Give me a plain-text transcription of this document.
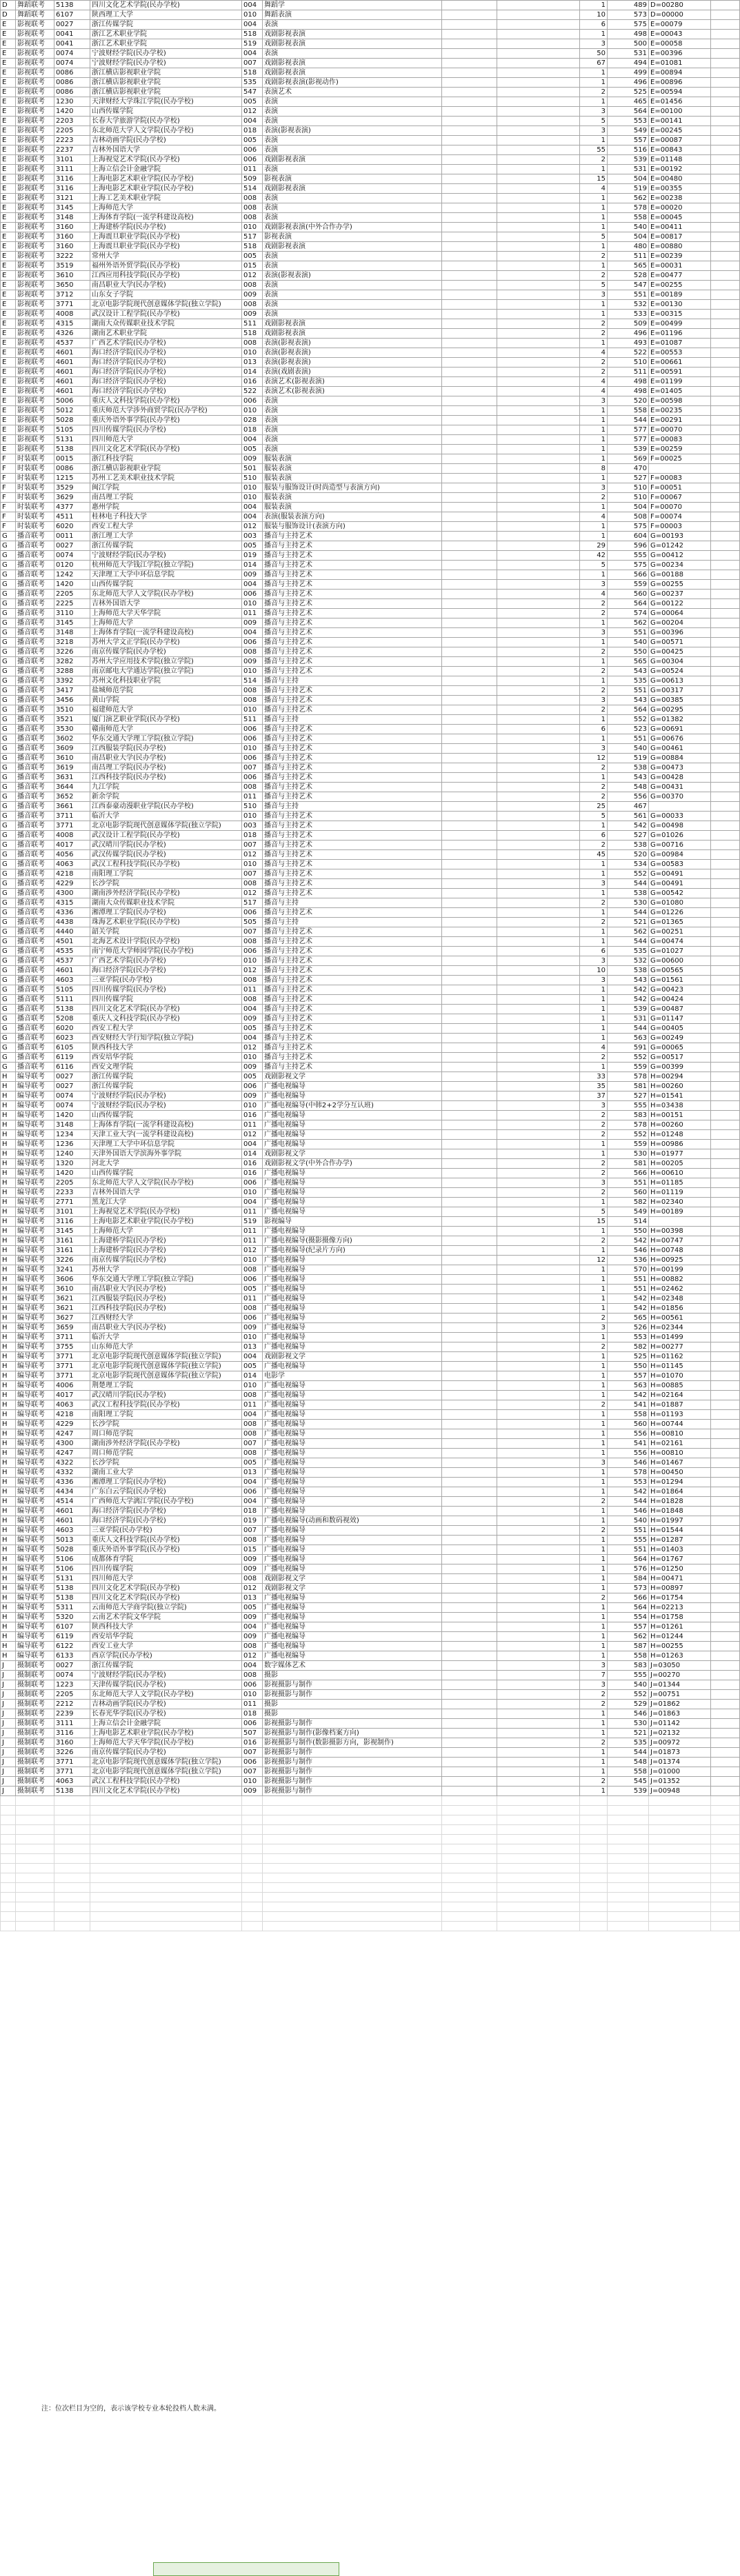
D	舞蹈联考	5138	四川文化艺术学院(民办学校)	004	舞蹈学			1	489	D=00280	
D	舞蹈联考	6107	陕西理工大学	010	舞蹈表演			10	573	D=00000	
E	影视联考	0027	浙江传媒学院	004	表演			6	575	E=00079	
E	影视联考	0041	浙江艺术职业学院	518	戏剧影视表演			1	498	E=00043	
E	影视联考	0041	浙江艺术职业学院	519	戏剧影视表演			3	500	E=00058	
E	影视联考	0074	宁波财经学院(民办学校)	004	表演			50	531	E=00396	
E	影视联考	0074	宁波财经学院(民办学校)	007	戏剧影视表演			67	494	E=01081	
E	影视联考	0086	浙江横店影视职业学院	518	戏剧影视表演			1	499	E=00894	
E	影视联考	0086	浙江横店影视职业学院	535	戏剧影视表演(影视动作)			1	496	E=00896	
E	影视联考	0086	浙江横店影视职业学院	547	表演艺术			2	525	E=00594	
E	影视联考	1230	天津财经大学珠江学院(民办学校)	005	表演			1	465	E=01456	
E	影视联考	1420	山西传媒学院	012	表演			3	564	E=00100	
E	影视联考	2203	长春大学旅游学院(民办学校)	004	表演			5	553	E=00141	
E	影视联考	2205	东北师范大学人文学院(民办学校)	018	表演(影视表演)			3	549	E=00245	
E	影视联考	2223	吉林动画学院(民办学校)	005	表演			1	557	E=00087	
E	影视联考	2237	吉林外国语大学	006	表演			55	516	E=00843	
E	影视联考	3101	上海视觉艺术学院(民办学校)	006	戏剧影视表演			2	539	E=01148	
E	影视联考	3111	上海立信会计金融学院	011	表演			1	531	E=00192	
E	影视联考	3116	上海电影艺术职业学院(民办学校)	509	影视表演			15	504	E=00480	
E	影视联考	3116	上海电影艺术职业学院(民办学校)	514	戏剧影视表演			4	519	E=00355	
E	影视联考	3121	上海工艺美术职业学院	008	表演			1	562	E=00238	
E	影视联考	3145	上海师范大学	008	表演			1	578	E=00020	
E	影视联考	3148	上海体育学院(一流学科建设高校)	008	表演			1	558	E=00045	
E	影视联考	3160	上海建桥学院(民办学校)	010	戏剧影视表演(中外合作办学)			1	540	E=00411	
E	影视联考	3160	上海震旦职业学院(民办学校)	517	影视表演			5	504	E=00817	
E	影视联考	3160	上海震旦职业学院(民办学校)	518	戏剧影视表演			1	480	E=00880	
E	影视联考	3222	常州大学	005	表演			2	511	E=00239	
E	影视联考	3519	福州外语外贸学院(民办学校)	015	表演			1	565	E=00031	
E	影视联考	3610	江西应用科技学院(民办学校)	012	表演(影视表演)			2	528	E=00477	
E	影视联考	3650	南昌职业大学(民办学校)	008	表演			5	547	E=00255	
E	影视联考	3712	山东女子学院	009	表演			3	551	E=00189	
E	影视联考	3771	北京电影学院现代创意媒体学院(独立学院)	008	表演			1	532	E=00130	
E	影视联考	4008	武汉设计工程学院(民办学校)	009	表演			1	533	E=00315	
E	影视联考	4315	湖南大众传媒职业技术学院	511	戏剧影视表演			2	509	E=00499	
E	影视联考	4326	湖南艺术职业学院	518	戏剧影视表演			2	496	E=01196	
E	影视联考	4537	广西艺术学院(民办学校)	008	表演(影视表演)			1	493	E=01087	
E	影视联考	4601	海口经济学院(民办学校)	010	表演(影视表演)			4	522	E=00553	
E	影视联考	4601	海口经济学院(民办学校)	013	表演(影视表演)			2	510	E=00661	
E	影视联考	4601	海口经济学院(民办学校)	014	表演(戏剧表演)			2	511	E=00591	
E	影视联考	4601	海口经济学院(民办学校)	016	表演艺术(影视表演)			4	498	E=01199	
E	影视联考	4601	海口经济学院(民办学校)	522	表演艺术(影视表演)			4	498	E=01405	
E	影视联考	5006	重庆人文科技学院(民办学校)	006	表演			3	520	E=00598	
E	影视联考	5012	重庆师范大学涉外商贸学院(民办学校)	010	表演			1	558	E=00235	
E	影视联考	5028	重庆外语外事学院(民办学校)	028	表演			1	544	E=00291	
E	影视联考	5105	四川传媒学院(民办学校)	018	表演			1	577	E=00070	
E	影视联考	5131	四川师范大学	004	表演			1	577	E=00083	
E	影视联考	5138	四川文化艺术学院(民办学校)	005	表演			1	539	E=00259	
F	时装联考	0015	浙江科技学院	009	服装表演			1	569	F=00025	
F	时装联考	0086	浙江横店影视职业学院	501	服装表演			8	470		
F	时装联考	1215	苏州工艺美术职业技术学院	510	服装表演			1	527	F=00083	
F	时装联考	3529	闽江学院	010	服装与服饰设计(时尚造型与表演方向)			3	510	F=00051	
F	时装联考	3629	南昌理工学院	010	服装表演			2	510	F=00067	
F	时装联考	4377	惠州学院	004	服装表演			1	504	F=00070	
F	时装联考	4511	桂林电子科技大学	004	表演(服装表演方向)			4	508	F=00074	
F	时装联考	6020	西安工程大学	012	服装与服饰设计(表演方向)			1	575	F=00003	
G	播音联考	0011	浙江理工大学	003	播音与主持艺术			1	604	G=00193	
G	播音联考	0027	浙江传媒学院	005	播音与主持艺术			29	596	G=01242	
G	播音联考	0074	宁波财经学院(民办学校)	019	播音与主持艺术			42	555	G=00412	
G	播音联考	0120	杭州师范大学钱江学院(独立学院)	014	播音与主持艺术			5	575	G=00234	
G	播音联考	1242	天津理工大学中环信息学院	009	播音与主持艺术			1	566	G=00188	
G	播音联考	1420	山西传媒学院	004	播音与主持艺术			3	559	G=00255	
G	播音联考	2205	东北师范大学人文学院(民办学校)	006	播音与主持艺术			4	560	G=00237	
G	播音联考	2225	吉林外国语大学	010	播音与主持艺术			2	564	G=00122	
G	播音联考	3110	上海师范大学天华学院	011	播音与主持艺术			2	574	G=00064	
G	播音联考	3145	上海师范大学	009	播音与主持艺术			1	562	G=00204	
G	播音联考	3148	上海体育学院(一流学科建设高校)	004	播音与主持艺术			3	551	G=00396	
G	播音联考	3218	苏州大学文正学院(民办学校)	006	播音与主持艺术			1	540	G=00571	
G	播音联考	3226	南京传媒学院(民办学校)	008	播音与主持艺术			2	550	G=00425	
G	播音联考	3282	苏州大学应用技术学院(独立学院)	009	播音与主持艺术			1	565	G=00304	
G	播音联考	3288	南京邮电大学通达学院(独立学院)	010	播音与主持艺术			2	543	G=00524	
G	播音联考	3392	苏州文化科技职业学院	514	播音与主持			1	535	G=00613	
G	播音联考	3417	盐城师范学院	008	播音与主持艺术			2	551	G=00317	
G	播音联考	3456	黄山学院	008	播音与主持艺术			3	543	G=00385	
G	播音联考	3510	福建师范大学	010	播音与主持艺术			2	564	G=00295	
G	播音联考	3521	厦门演艺职业学院(民办学校)	511	播音与主持			1	552	G=01382	
G	播音联考	3530	赣南师范大学	006	播音与主持艺术			6	523	G=00691	
G	播音联考	3602	华东交通大学理工学院(独立学院)	006	播音与主持艺术			1	551	G=00676	
G	播音联考	3609	江西服装学院(民办学校)	010	播音与主持艺术			3	540	G=00461	
G	播音联考	3610	南昌职业大学(民办学校)	006	播音与主持艺术			12	519	G=00884	
G	播音联考	3619	南昌理工学院(民办学校)	007	播音与主持艺术			2	538	G=00473	
G	播音联考	3631	江西科技学院(民办学校)	006	播音与主持艺术			1	543	G=00428	
G	播音联考	3644	九江学院	008	播音与主持艺术			2	548	G=00431	
G	播音联考	3652	新余学院	011	播音与主持艺术			2	556	G=00370	
G	播音联考	3661	江西泰豪动漫职业学院(民办学校)	510	播音与主持			25	467		
G	播音联考	3711	临沂大学	010	播音与主持艺术			5	561	G=00033	
G	播音联考	3771	北京电影学院现代创意媒体学院(独立学院)	003	播音与主持艺术			1	542	G=00498	
G	播音联考	4008	武汉设计工程学院(民办学校)	018	播音与主持艺术			6	527	G=01026	
G	播音联考	4017	武汉晴川学院(民办学校)	007	播音与主持艺术			2	538	G=00716	
G	播音联考	4056	武汉传媒学院(民办学校)	012	播音与主持艺术			45	520	G=00984	
G	播音联考	4063	武汉工程科技学院(民办学校)	010	播音与主持艺术			1	534	G=00583	
G	播音联考	4218	南阳理工学院	007	播音与主持艺术			1	552	G=00491	
G	播音联考	4229	长沙学院	008	播音与主持艺术			3	544	G=00491	
G	播音联考	4300	湖南涉外经济学院(民办学校)	012	播音与主持艺术			1	538	G=00542	
G	播音联考	4315	湖南大众传媒职业技术学院	517	播音与主持			2	530	G=01080	
G	播音联考	4336	湘潭理工学院(民办学校)	006	播音与主持艺术			1	544	G=01226	
G	播音联考	4438	珠海艺术职业学院(民办学校)	505	播音与主持			2	521	G=01365	
G	播音联考	4440	韶关学院	007	播音与主持艺术			1	562	G=00251	
G	播音联考	4501	北海艺术设计学院(民办学校)	008	播音与主持艺术			1	544	G=00474	
G	播音联考	4535	南宁师范大学师园学院(民办学校)	006	播音与主持艺术			6	535	G=01027	
G	播音联考	4537	广西艺术学院(民办学校)	010	播音与主持艺术			3	532	G=00600	
G	播音联考	4601	海口经济学院(民办学校)	012	播音与主持艺术			10	538	G=00565	
G	播音联考	4603	三亚学院(民办学校)	008	播音与主持艺术			3	543	G=01561	
G	播音联考	5105	四川传媒学院(民办学校)	011	播音与主持艺术			1	542	G=00423	
G	播音联考	5111	四川传媒学院	008	播音与主持艺术			1	542	G=00424	
G	播音联考	5138	四川文化艺术学院(民办学校)	004	播音与主持艺术			1	539	G=00487	
G	播音联考	5208	重庆人文科技学院(民办学校)	009	播音与主持艺术			1	531	G=01147	
G	播音联考	6020	西安工程大学	005	播音与主持艺术			1	544	G=00405	
G	播音联考	6023	西安财经大学行知学院(独立学院)	004	播音与主持艺术			1	563	G=00249	
G	播音联考	6105	陕西科技大学	012	播音与主持艺术			4	591	G=00065	
G	播音联考	6119	西安培华学院	010	播音与主持艺术			2	552	G=00517	
G	播音联考	6116	西安文理学院	009	播音与主持艺术			1	559	G=00399	
H	编导联考	0027	浙江传媒学院	005	戏剧影视文学			33	578	H=00294	
H	编导联考	0027	浙江传媒学院	006	广播电视编导			35	581	H=00260	
H	编导联考	0074	宁波财经学院(民办学校)	009	广播电视编导			37	527	H=01541	
H	编导联考	0074	宁波财经学院(民办学校)	010	广播电视编导(中韩2+2学分互认班)			3	555	H=03438	
H	编导联考	1420	山西传媒学院	016	广播电视编导			2	583	H=00151	
H	编导联考	3148	上海体育学院(一流学科建设高校)	011	广播电视编导			2	578	H=00260	
H	编导联考	1234	天津工业大学(一流学科建设高校)	012	广播电视编导			2	552	H=01248	
H	编导联考	1236	天津理工大学中环信息学院	004	广播电视编导			1	559	H=00986	
H	编导联考	1240	天津外国语大学滨海外事学院	014	戏剧影视文学			1	530	H=01977	
H	编导联考	1320	河北大学	016	戏剧影视文学(中外合作办学)			2	581	H=00205	
H	编导联考	1420	山西传媒学院	016	广播电视编导			2	566	H=00610	
H	编导联考	2205	东北师范大学人文学院(民办学校)	006	广播电视编导			3	551	H=01185	
H	编导联考	2233	吉林外国语大学	010	广播电视编导			2	560	H=01119	
H	编导联考	2771	黑龙江大学	004	广播电视编导			1	582	H=02340	
H	编导联考	3101	上海视觉艺术学院(民办学校)	011	广播电视编导			5	549	H=00189	
H	编导联考	3116	上海电影艺术职业学院(民办学校)	519	影视编导			15	514		
H	编导联考	3145	上海师范大学	011	广播电视编导			1	550	H=00398	
H	编导联考	3161	上海建桥学院(民办学校)	011	广播电视编导(摄影摄像方向)			2	542	H=00747	
H	编导联考	3161	上海建桥学院(民办学校)	012	广播电视编导(纪录片方向)			1	546	H=00748	
H	编导联考	3226	南京传媒学院(民办学校)	010	广播电视编导			12	536	H=00925	
H	编导联考	3241	苏州大学	008	广播电视编导			1	570	H=00199	
H	编导联考	3606	华东交通大学理工学院(独立学院)	006	广播电视编导			1	551	H=00882	
H	编导联考	3610	南昌职业大学(民办学校)	005	广播电视编导			1	551	H=02462	
H	编导联考	3621	江西服装学院(民办学校)	011	广播电视编导			1	542	H=02348	
H	编导联考	3621	江西科技学院(民办学校)	008	广播电视编导			1	542	H=01856	
H	编导联考	3627	江西财经大学	006	广播电视编导			2	565	H=00561	
H	编导联考	3659	南昌职业大学(民办学校)	009	广播电视编导			3	526	H=02344	
H	编导联考	3711	临沂大学	010	广播电视编导			1	553	H=01499	
H	编导联考	3755	山东师范大学	013	广播电视编导			2	582	H=00277	
H	编导联考	3771	北京电影学院现代创意媒体学院(独立学院)	004	戏剧影视文学			1	525	H=01162	
H	编导联考	3771	北京电影学院现代创意媒体学院(独立学院)	005	广播电视编导			1	550	H=01145	
H	编导联考	3771	北京电影学院现代创意媒体学院(独立学院)	014	电影学			1	557	H=01070	
H	编导联考	4006	荆楚理工学院	010	广播电视编导			1	563	H=00885	
H	编导联考	4017	武汉晴川学院(民办学校)	008	广播电视编导			1	542	H=02164	
H	编导联考	4063	武汉工程科技学院(民办学校)	011	广播电视编导			2	541	H=01887	
H	编导联考	4218	南阳理工学院	004	广播电视编导			1	558	H=01193	
H	编导联考	4229	长沙学院	008	广播电视编导			1	560	H=00744	
H	编导联考	4247	周口师范学院	008	广播电视编导			1	556	H=00810	
H	编导联考	4300	湖南涉外经济学院(民办学校)	007	广播电视编导			1	541	H=02161	
H	编导联考	4247	周口师范学院	008	广播电视编导			1	556	H=00810	
H	编导联考	4322	长沙学院	005	广播电视编导			3	546	H=01467	
H	编导联考	4332	湖南工业大学	013	广播电视编导			1	578	H=00450	
H	编导联考	4336	湘潭理工学院(民办学校)	004	广播电视编导			1	553	H=01294	
H	编导联考	4434	广东白云学院(民办学校)	006	广播电视编导			1	542	H=01864	
H	编导联考	4514	广西师范大学漓江学院(民办学校)	004	广播电视编导			2	544	H=01828	
H	编导联考	4601	海口经济学院(民办学校)	018	广播电视编导			1	546	H=01848	
H	编导联考	4601	海口经济学院(民办学校)	019	广播电视编导(动画和数码视效)			1	540	H=01997	
H	编导联考	4603	三亚学院(民办学校)	007	广播电视编导			2	551	H=01544	
H	编导联考	5013	重庆人文科技学院(民办学校)	008	广播电视编导			1	555	H=01287	
H	编导联考	5028	重庆外语外事学院(民办学校)	015	广播电视编导			1	551	H=01403	
H	编导联考	5106	成都体育学院	009	广播电视编导			1	564	H=01767	
H	编导联考	5106	四川传媒学院	009	广播电视编导			1	576	H=01250	
H	编导联考	5131	四川师范大学	008	戏剧影视文学			1	584	H=00471	
H	编导联考	5138	四川文化艺术学院(民办学校)	012	戏剧影视文学			1	573	H=00897	
H	编导联考	5138	四川文化艺术学院(民办学校)	013	广播电视编导			2	566	H=01754	
H	编导联考	5311	云南师范大学商学院(独立学院)	005	广播电视编导			1	564	H=02213	
H	编导联考	5320	云南艺术学院文华学院	009	广播电视编导			1	554	H=01758	
H	编导联考	6107	陕西科技大学	004	广播电视编导			1	557	H=01261	
H	编导联考	6119	西安培华学院	009	广播电视编导			1	562	H=01244	
H	编导联考	6122	西安工业大学	008	广播电视编导			1	587	H=00255	
H	编导联考	6133	西京学院(民办学校)	012	广播电视编导			1	558	H=01263	
J	摄制联考	0027	浙江传媒学院	004	数字媒体艺术			3	583	J=03050	
J	摄制联考	0074	宁波财经学院(民办学校)	008	摄影			7	555	J=00270	
J	摄制联考	1223	天津传媒学院(民办学校)	006	影视摄影与制作			3	540	J=01344	
J	摄制联考	2205	东北师范大学人文学院(民办学校)	010	影视摄影与制作			2	552	J=00751	
J	摄制联考	2212	吉林动画学院(民办学校)	011	摄影			2	529	J=01862	
J	摄制联考	2239	长春光华学院(民办学校)	018	摄影			1	546	J=01863	
J	摄制联考	3111	上海立信会计金融学院	006	影视摄影与制作			1	530	J=01142	
J	摄制联考	3116	上海电影艺术职业学院(民办学校)	507	影视摄影与制作(影像档案方向)			1	521	J=02132	
J	摄制联考	3160	上海师范大学天华学院(民办学校)	016	影视摄影与制作(数影摄影方向，影视制作)			2	535	J=00972	
J	摄制联考	3226	南京传媒学院(民办学校)	007	影视摄影与制作			1	544	J=01873	
J	摄制联考	3771	北京电影学院现代创意媒体学院(独立学院)	006	影视摄影与制作			1	548	J=01374	
J	摄制联考	3771	北京电影学院现代创意媒体学院(独立学院)	007	影视摄影与制作			1	558	J=01000	
J	摄制联考	4063	武汉工程科技学院(民办学校)	010	影视摄影与制作			2	545	J=01352	
J	摄制联考	5138	四川文化艺术学院(民办学校)	009	影视摄影与制作			1	539	J=00948	

注：位次栏目为空的，表示该学校专业本轮投档人数未满。
